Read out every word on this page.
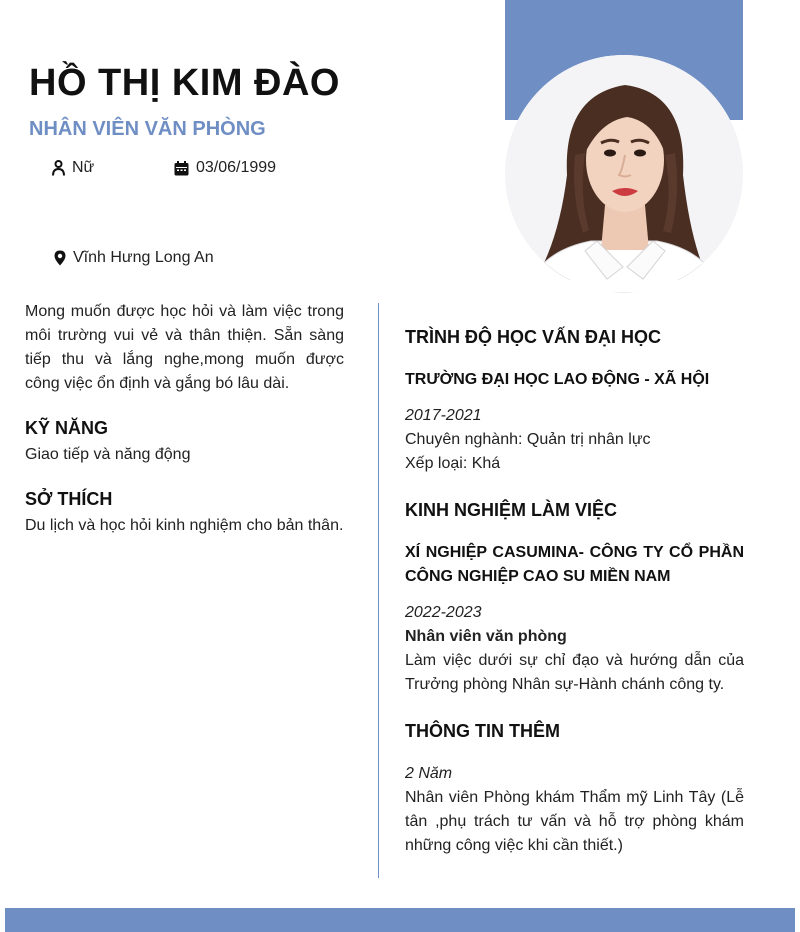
HỒ THỊ KIM ĐÀO
NHÂN VIÊN VĂN PHÒNG
Nữ	03/06/1999
Vĩnh Hưng Long An

Mong muốn được học hỏi và làm việc trong môi trường vui vẻ và thân thiện. Sẵn sàng tiếp thu và lắng nghe,mong muốn được công việc ổn định và gắng bó lâu dài.

KỸ NĂNG

Giao tiếp và năng động

SỞ THÍCH

Du lịch và học hỏi kinh nghiệm cho bản thân.

TRÌNH ĐỘ HỌC VẤN ĐẠI HỌC

TRƯỜNG ĐẠI HỌC LAO ĐỘNG - XÃ HỘI

2017-2021

Chuyên nghành: Quản trị nhân lực

Xếp loại: Khá

KINH NGHIỆM LÀM VIỆC

XÍ NGHIỆP CASUMINA- CÔNG TY CỔ PHẦN CÔNG NGHIỆP CAO SU MIỀN NAM

2022-2023

Nhân viên văn phòng

Làm việc dưới sự chỉ đạo và hướng dẫn của Trưởng phòng Nhân sự-Hành chánh công ty.

THÔNG TIN THÊM

2 Năm

Nhân viên Phòng khám Thẩm mỹ Linh Tây (Lễ tân ,phụ trách tư vấn và hỗ trợ phòng khám những công việc khi cần thiết.)
